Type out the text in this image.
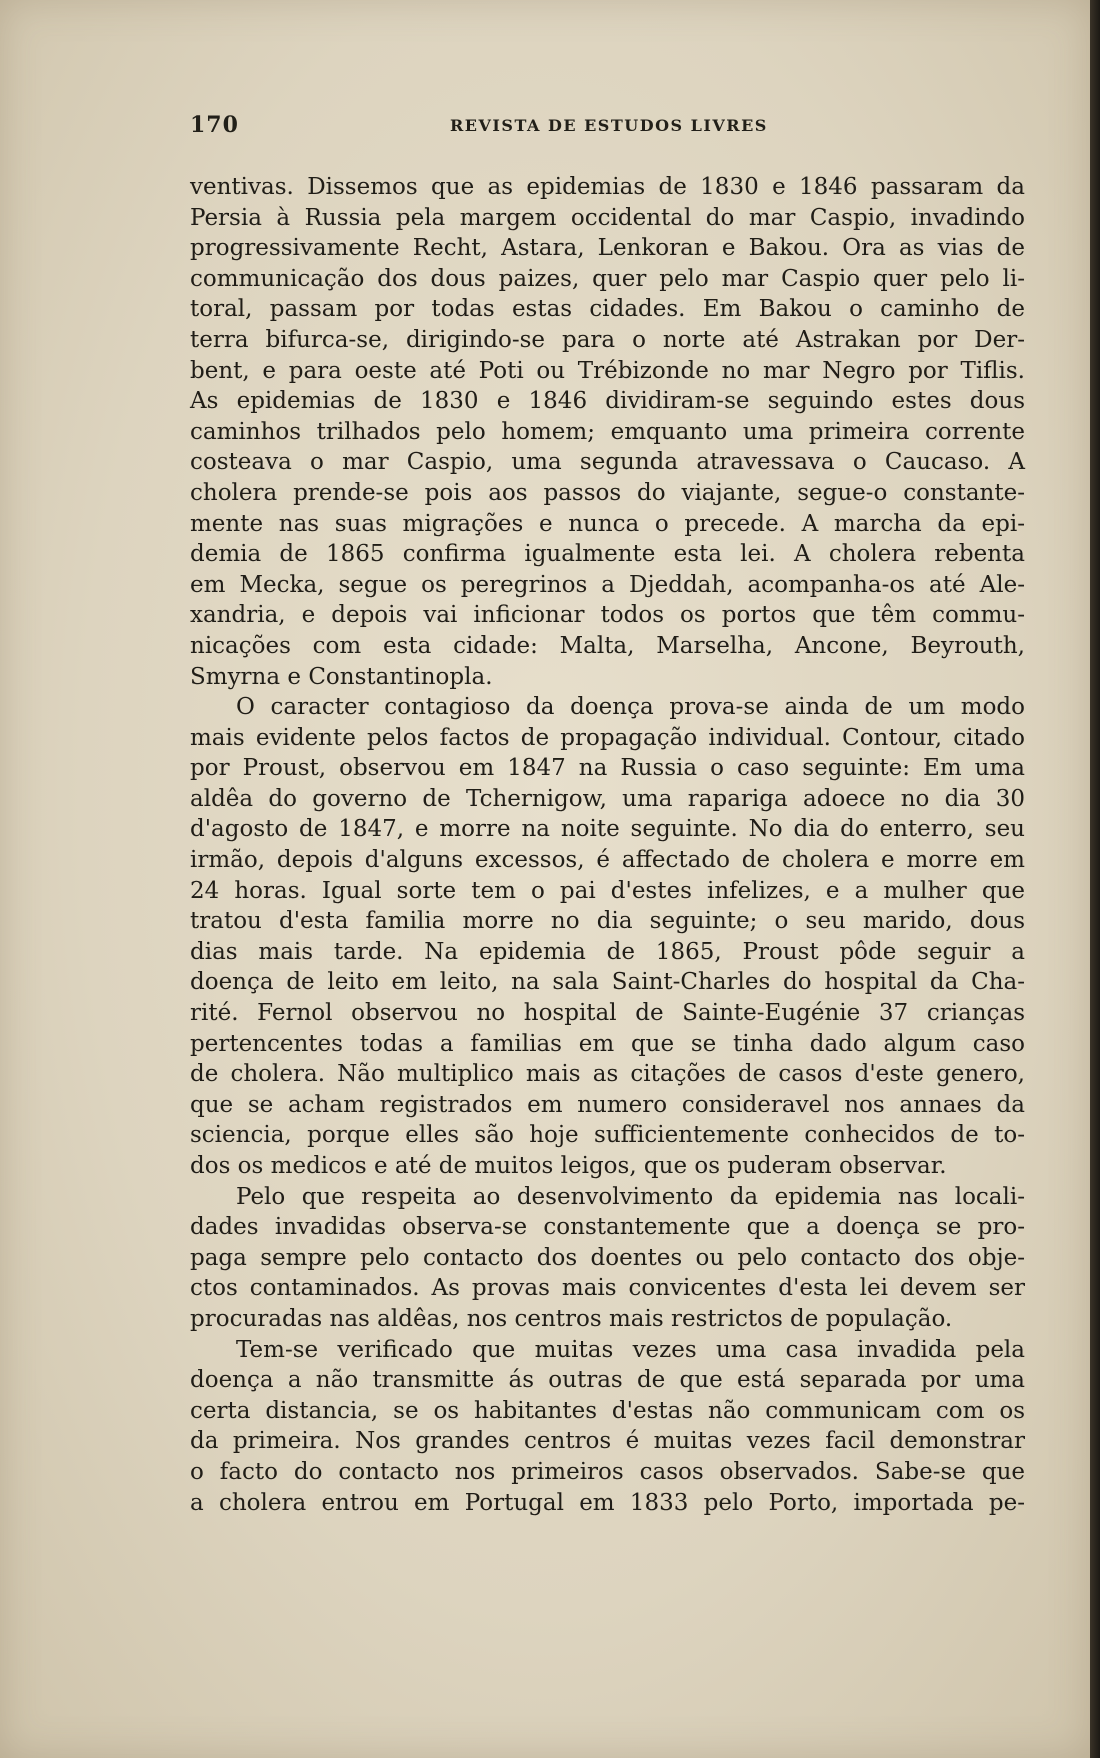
170	REVISTA DE ESTUDOS LIVRES
ventivas. Dissemos que as epidemias de 1830 e 1846 passaram da
Persia à Russia pela margem occidental do mar Caspio, invadindo
progressivamente Recht, Astara, Lenkoran e Bakou. Ora as vias de
communicação dos dous paizes, quer pelo mar Caspio quer pelo li-
toral, passam por todas estas cidades. Em Bakou o caminho de
terra bifurca-se, dirigindo-se para o norte até Astrakan por Der-
bent, e para oeste até Poti ou Trébizonde no mar Negro por Tiflis.
As epidemias de 1830 e 1846 dividiram-se seguindo estes dous
caminhos trilhados pelo homem; emquanto uma primeira corrente
costeava o mar Caspio, uma segunda atravessava o Caucaso. A
cholera prende-se pois aos passos do viajante, segue-o constante-
mente nas suas migrações e nunca o precede. A marcha da epi-
demia de 1865 confirma igualmente esta lei. A cholera rebenta
em Mecka, segue os peregrinos a Djeddah, acompanha-os até Ale-
xandria, e depois vai inficionar todos os portos que têm commu-
nicações com esta cidade: Malta, Marselha, Ancone, Beyrouth,
Smyrna e Constantinopla.
O caracter contagioso da doença prova-se ainda de um modo
mais evidente pelos factos de propagação individual. Contour, citado
por Proust, observou em 1847 na Russia o caso seguinte: Em uma
aldêa do governo de Tchernigow, uma rapariga adoece no dia 30
d'agosto de 1847, e morre na noite seguinte. No dia do enterro, seu
irmão, depois d'alguns excessos, é affectado de cholera e morre em
24 horas. Igual sorte tem o pai d'estes infelizes, e a mulher que
tratou d'esta familia morre no dia seguinte; o seu marido, dous
dias mais tarde. Na epidemia de 1865, Proust pôde seguir a
doença de leito em leito, na sala Saint-Charles do hospital da Cha-
rité. Fernol observou no hospital de Sainte-Eugénie 37 crianças
pertencentes todas a familias em que se tinha dado algum caso
de cholera. Não multiplico mais as citações de casos d'este genero,
que se acham registrados em numero consideravel nos annaes da
sciencia, porque elles são hoje sufficientemente conhecidos de to-
dos os medicos e até de muitos leigos, que os puderam observar.
Pelo que respeita ao desenvolvimento da epidemia nas locali-
dades invadidas observa-se constantemente que a doença se pro-
paga sempre pelo contacto dos doentes ou pelo contacto dos obje-
ctos contaminados. As provas mais convicentes d'esta lei devem ser
procuradas nas aldêas, nos centros mais restrictos de população.
Tem-se verificado que muitas vezes uma casa invadida pela
doença a não transmitte ás outras de que está separada por uma
certa distancia, se os habitantes d'estas não communicam com os
da primeira. Nos grandes centros é muitas vezes facil demonstrar
o facto do contacto nos primeiros casos observados. Sabe-se que
a cholera entrou em Portugal em 1833 pelo Porto, importada pe-
